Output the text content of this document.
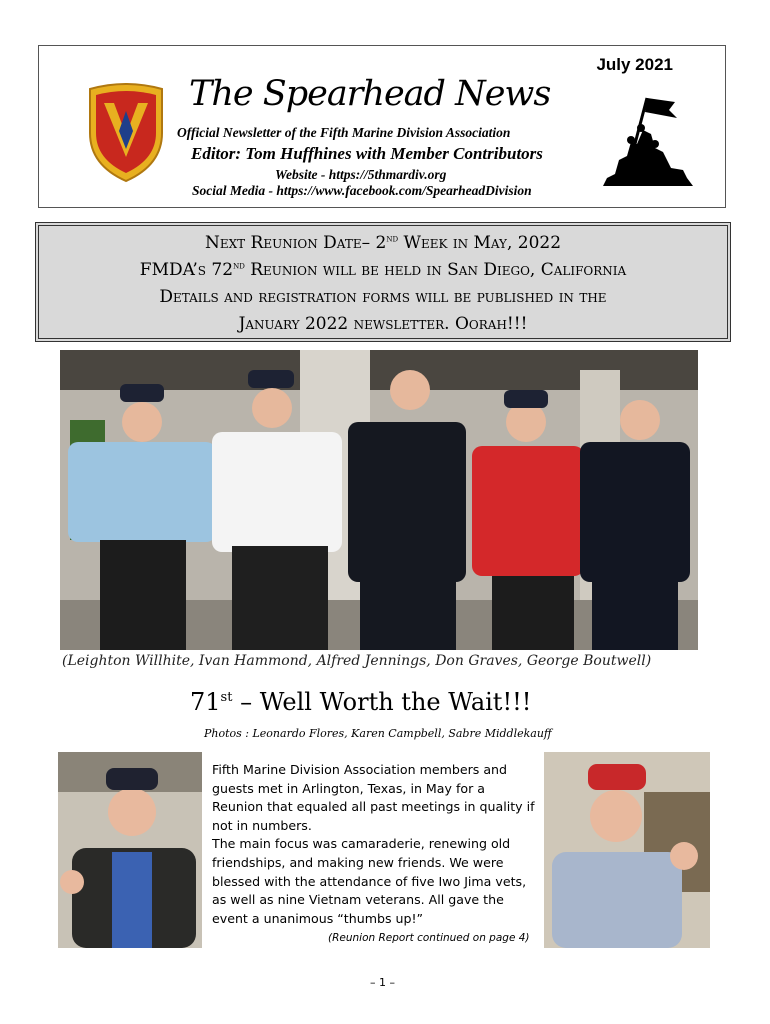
July 2021
The Spearhead News
Official Newsletter of the Fifth Marine Division Association
Editor: Tom Huffhines with Member Contributors
Website - https://5thmardiv.org
Social Media - https://www.facebook.com/SpearheadDivision
Next Reunion Date– 2nd Week in May, 2022
FMDA’s 72nd Reunion will be held in San Diego, California
Details and registration forms will be published in the
January 2022 newsletter. Oorah!!!
(Leighton Willhite, Ivan Hammond, Alfred Jennings, Don Graves, George Boutwell)
71st – Well Worth the Wait!!!
Photos : Leonardo Flores, Karen Campbell, Sabre Middlekauff

Fifth Marine Division Association members and guests met in Arlington, Texas, in May for a Reunion that equaled all past meetings in quality if not in numbers.

The main focus was camaraderie, renewing old friendships, and making new friends. We were blessed with the attendance of five Iwo Jima vets, as well as nine Vietnam veterans. All gave the event a unanimous “thumbs up!”

(Reunion Report continued on page 4)
– 1 –
